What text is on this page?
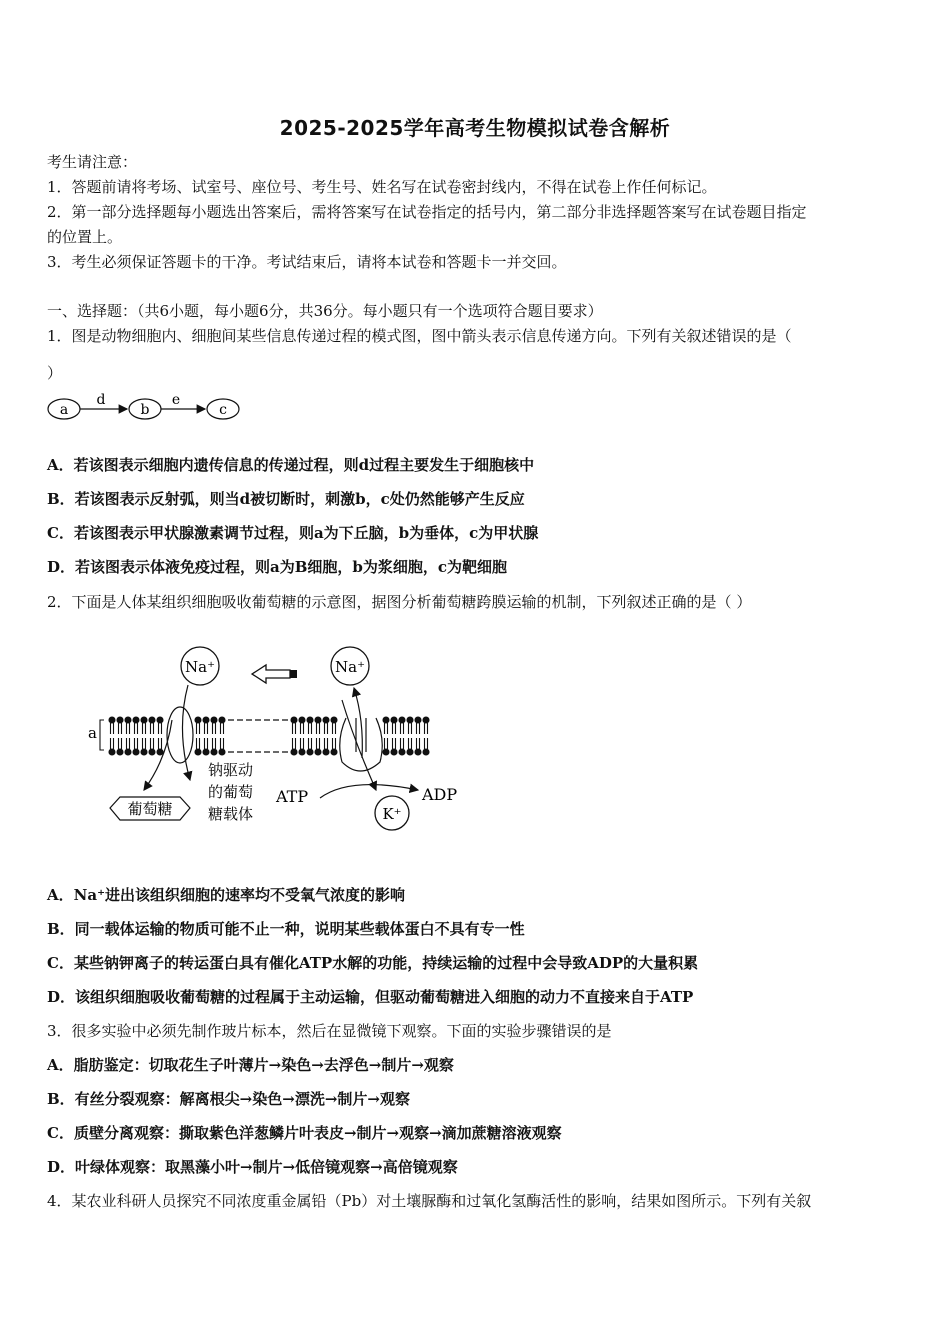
2025-2025学年高考生物模拟试卷含解析
考生请注意：
1．答题前请将考场、试室号、座位号、考生号、姓名写在试卷密封线内，不得在试卷上作任何标记。
2．第一部分选择题每小题选出答案后，需将答案写在试卷指定的括号内，第二部分非选择题答案写在试卷题目指定
的位置上。
3．考生必须保证答题卡的干净。考试结束后，请将本试卷和答题卡一并交回。
一、选择题：（共6小题，每小题6分，共36分。每小题只有一个选项符合题目要求）
1．图是动物细胞内、细胞间某些信息传递过程的模式图，图中箭头表示信息传递方向。下列有关叙述错误的是（
）
a
d
b
e
c
A．若该图表示细胞内遗传信息的传递过程，则d过程主要发生于细胞核中
B．若该图表示反射弧，则当d被切断时，刺激b，c处仍然能够产生反应
C．若该图表示甲状腺激素调节过程，则a为下丘脑，b为垂体，c为甲状腺
D．若该图表示体液免疫过程，则a为B细胞，b为浆细胞，c为靶细胞
2．下面是人体某组织细胞吸收葡萄糖的示意图，据图分析葡萄糖跨膜运输的机制，下列叙述正确的是（ ）
Na⁺	Na⁺
a
葡萄糖
钠驱动
的葡萄
糖载体
ATP	ADP
K⁺
A．Na⁺进出该组织细胞的速率均不受氧气浓度的影响
B．同一载体运输的物质可能不止一种，说明某些载体蛋白不具有专一性
C．某些钠钾离子的转运蛋白具有催化ATP水解的功能，持续运输的过程中会导致ADP的大量积累
D．该组织细胞吸收葡萄糖的过程属于主动运输，但驱动葡萄糖进入细胞的动力不直接来自于ATP
3．很多实验中必须先制作玻片标本，然后在显微镜下观察。下面的实验步骤错误的是
A．脂肪鉴定：切取花生子叶薄片→染色→去浮色→制片→观察
B．有丝分裂观察：解离根尖→染色→漂洗→制片→观察
C．质壁分离观察：撕取紫色洋葱鳞片叶表皮→制片→观察→滴加蔗糖溶液观察
D．叶绿体观察：取黑藻小叶→制片→低倍镜观察→高倍镜观察
4．某农业科研人员探究不同浓度重金属铅（Pb）对土壤脲酶和过氧化氢酶活性的影响，结果如图所示。下列有关叙
